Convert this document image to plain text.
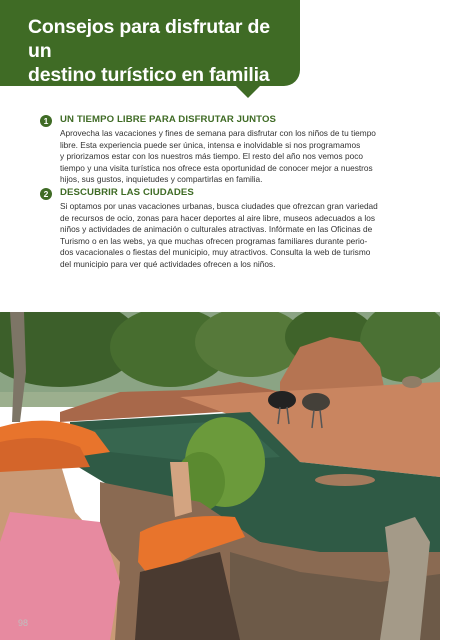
Consejos para disfrutar de un
destino turístico en familia
1	UN TIEMPO LIBRE PARA DISFRUTAR JUNTOS
Aprovecha las vacaciones y fines de semana para disfrutar con los niños de tu tiempo
libre. Esta experiencia puede ser única, intensa e inolvidable si nos programamos
y priorizamos estar con los nuestros más tiempo. El resto del año nos vemos poco
tiempo y una visita turística nos ofrece esta oportunidad de conocer mejor a nuestros
hijos, sus gustos, inquietudes y compartirlas en familia.
2	DESCUBRIR LAS CIUDADES
Si optamos por unas vacaciones urbanas, busca ciudades que ofrezcan gran variedad
de recursos de ocio, zonas para hacer deportes al aire libre, museos adecuados a los
niños y actividades de animación o culturales atractivas. Infórmate en las Oficinas de
Turismo o en las webs, ya que muchas ofrecen programas familiares durante perio-
dos vacacionales o fiestas del municipio, muy atractivos. Consulta la web de turismo
del municipio para ver qué actividades ofrecen a los niños.
98
